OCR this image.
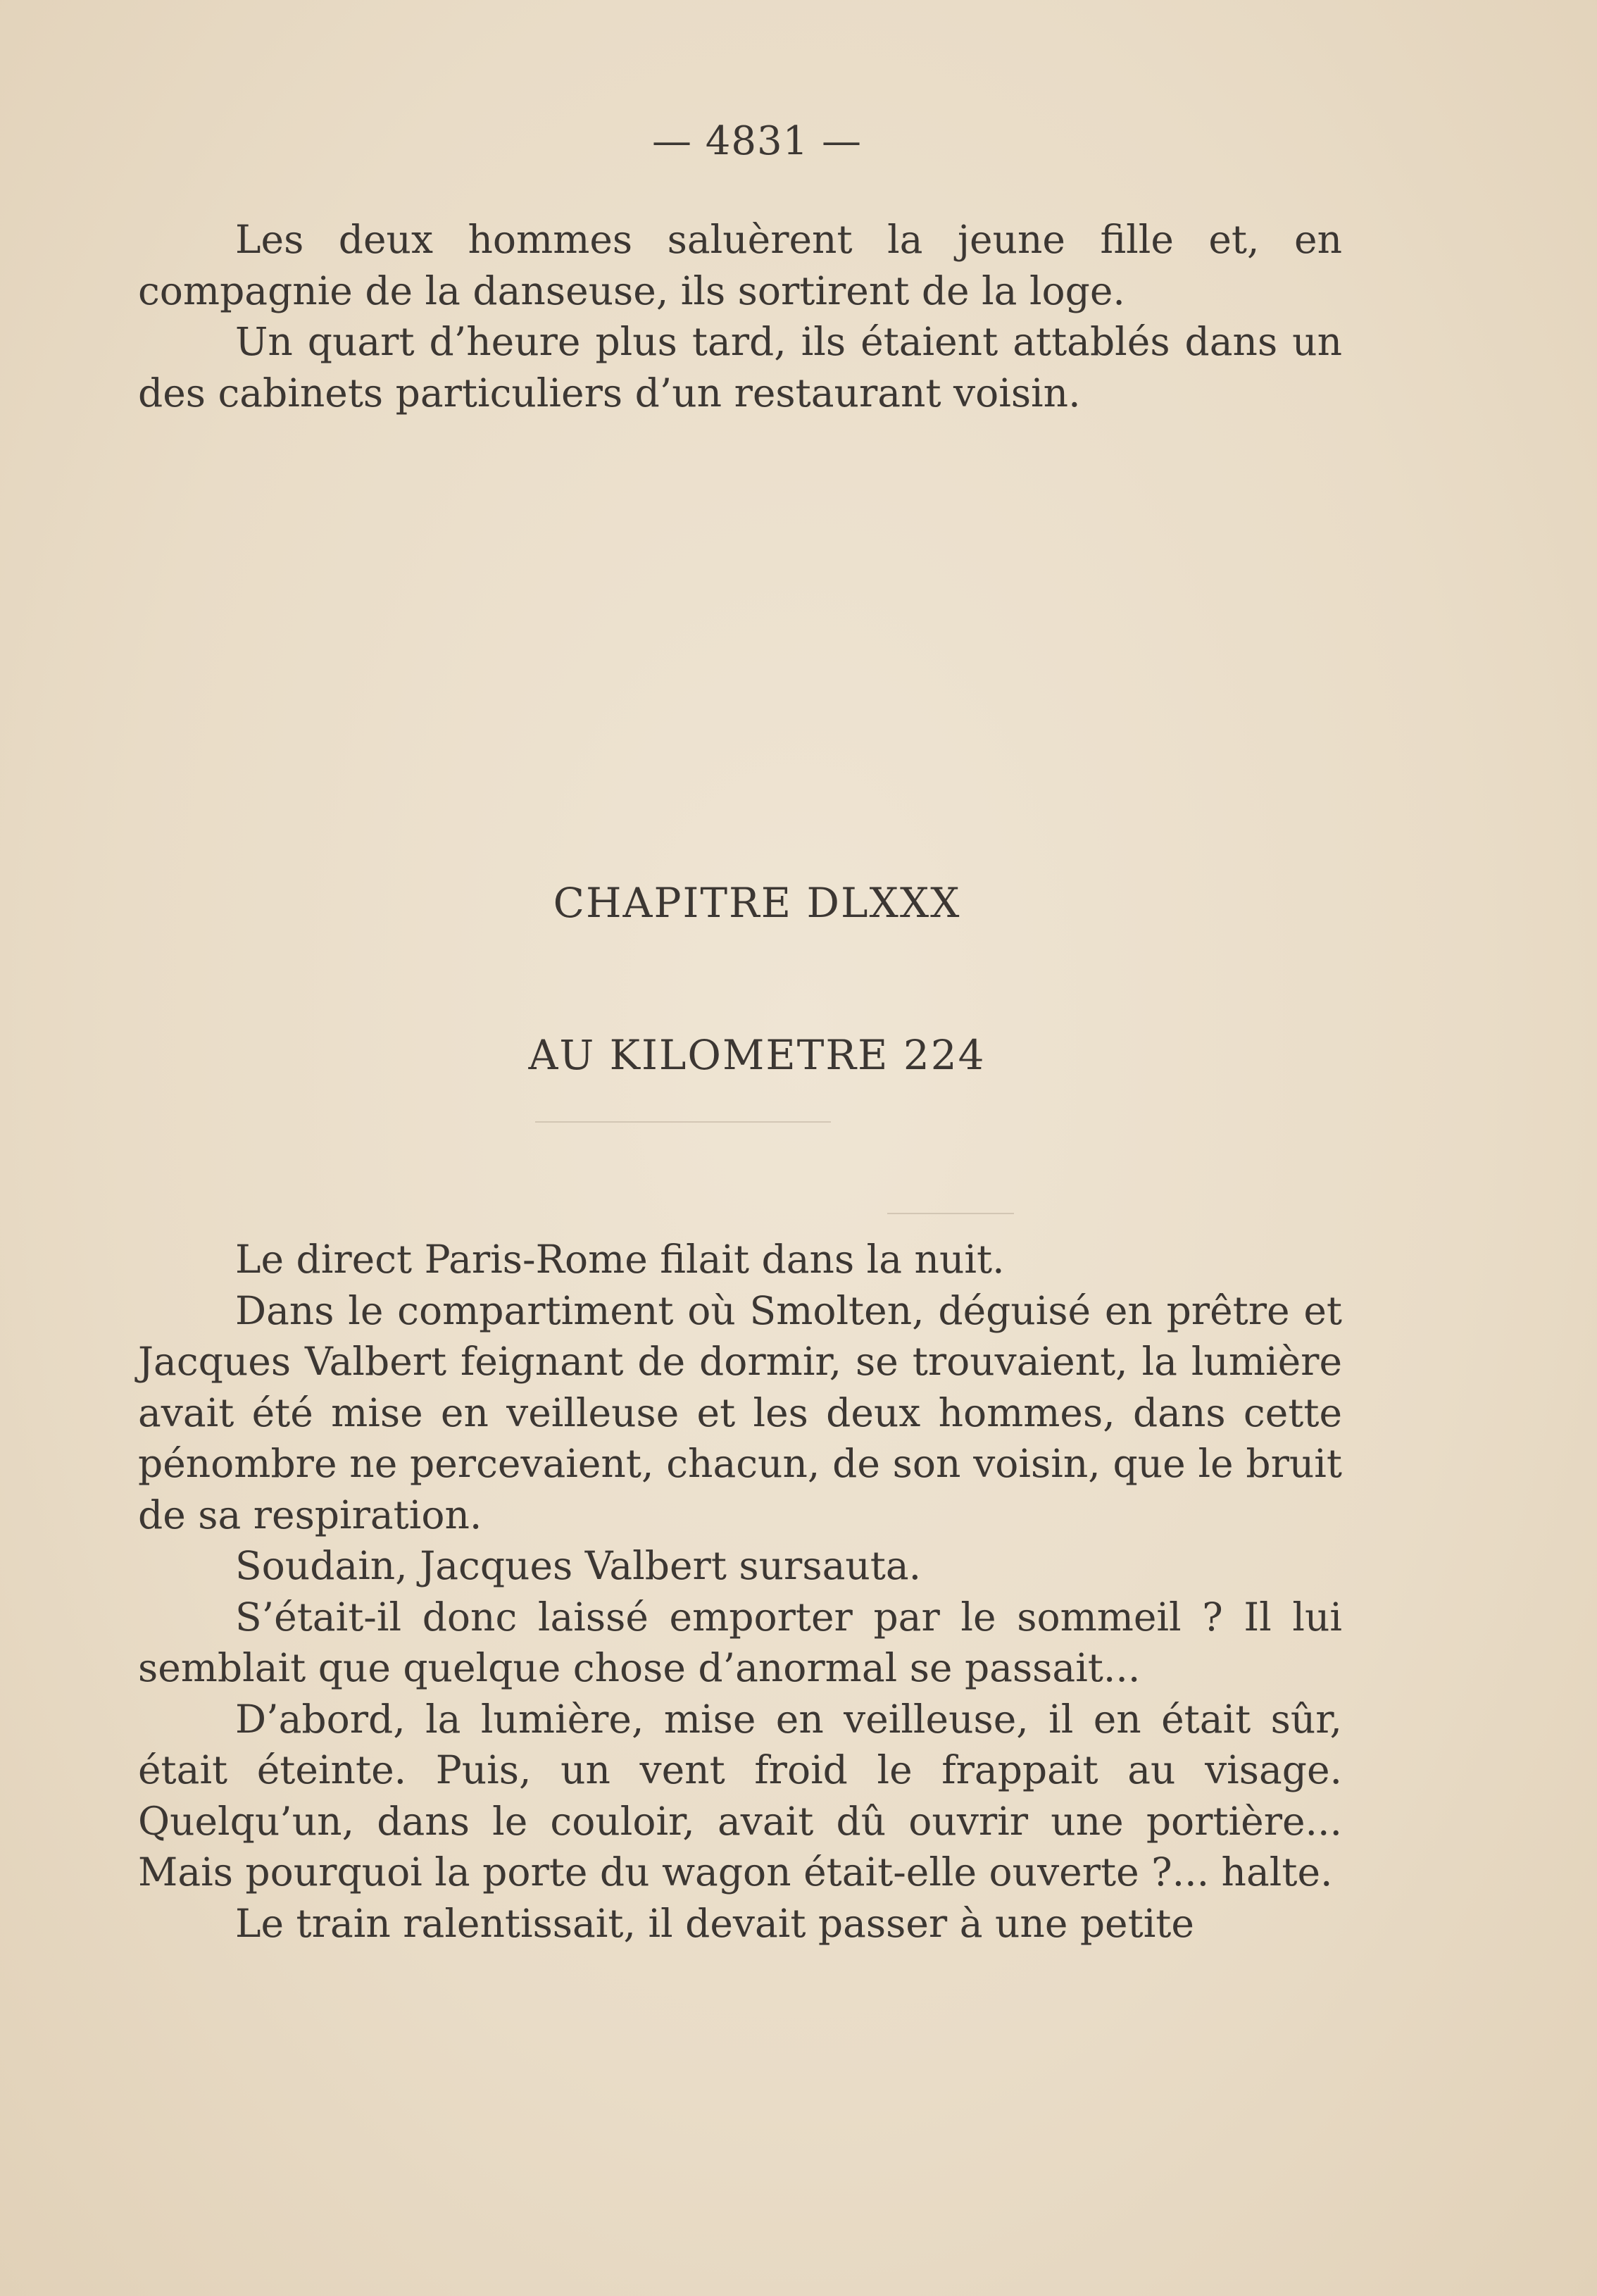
— 4831 —

Les deux hommes saluèrent la jeune fille et, en compagnie de la danseuse, ils sortirent de la loge.

Un quart d’heure plus tard, ils étaient attablés dans un des cabinets particuliers d’un restaurant voisin.

CHAPITRE DLXXX
AU KILOMETRE 224

Le direct Paris-Rome filait dans la nuit.

Dans le compartiment où Smolten, déguisé en prêtre et Jacques Valbert feignant de dormir, se trouvaient, la lumière avait été mise en veilleuse et les deux hommes, dans cette pénombre ne percevaient, chacun, de son voisin, que le bruit de sa respiration.

Soudain, Jacques Valbert sursauta.

S’était-il donc laissé emporter par le sommeil ? Il lui semblait que quelque chose d’anormal se passait...

D’abord, la lumière, mise en veilleuse, il en était sûr, était éteinte. Puis, un vent froid le frappait au visage. Quelqu’un, dans le couloir, avait dû ouvrir une portière... Mais pourquoi la porte du wagon était-elle ouverte ?... halte.

Le train ralentissait, il devait passer à une petite
